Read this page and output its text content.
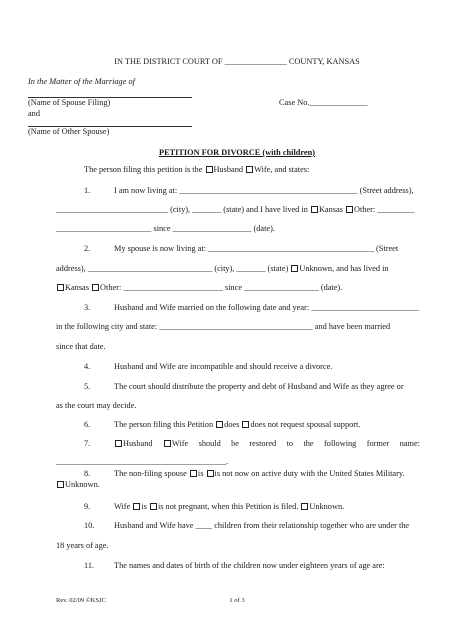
IN THE DISTRICT COURT OF _______________ COUNTY, KANSAS
In the Matter of the Marriage of
(Name of Spouse Filing)	Case No.______________
and
(Name of Other Spouse)
PETITION FOR DIVORCE (with children)
The person filing this petition is the Husband Wife, and states:
1.	I am now living at: ___________________________________________ (Street address),
___________________________ (city), _______ (state) and I have lived in Kansas Other: _________
_______________________ since ___________________ (date).
2.	My spouse is now living at: ________________________________________ (Street
address), ______________________________ (city), _______ (state) Unknown, and has lived in
Kansas Other: ________________________ since __________________ (date).
3.	Husband and Wife married on the following date and year: __________________________
in the following city and state: _____________________________________ and have been married
since that date.
4.	Husband and Wife are incompatible and should receive a divorce.
5.	The court should distribute the property and debt of Husband and Wife as they agree or
as the court may decide.
6.	The person filing this Petition does does not request spousal support.
7.	Husband	Wife should be restored to the following former name:
_________________________________________.
8.	The non-filing spouse is is not now on active duty with the United States Military.
Unknown.
9.	Wife is is not pregnant, when this Petition is filed. Unknown.
10. Husband and Wife have ____ children from their relationship together who are under the
18 years of age.
11. The names and dates of birth of the children now under eighteen years of age are:
Rev. 02/09 ©KSJC	1 of 3
